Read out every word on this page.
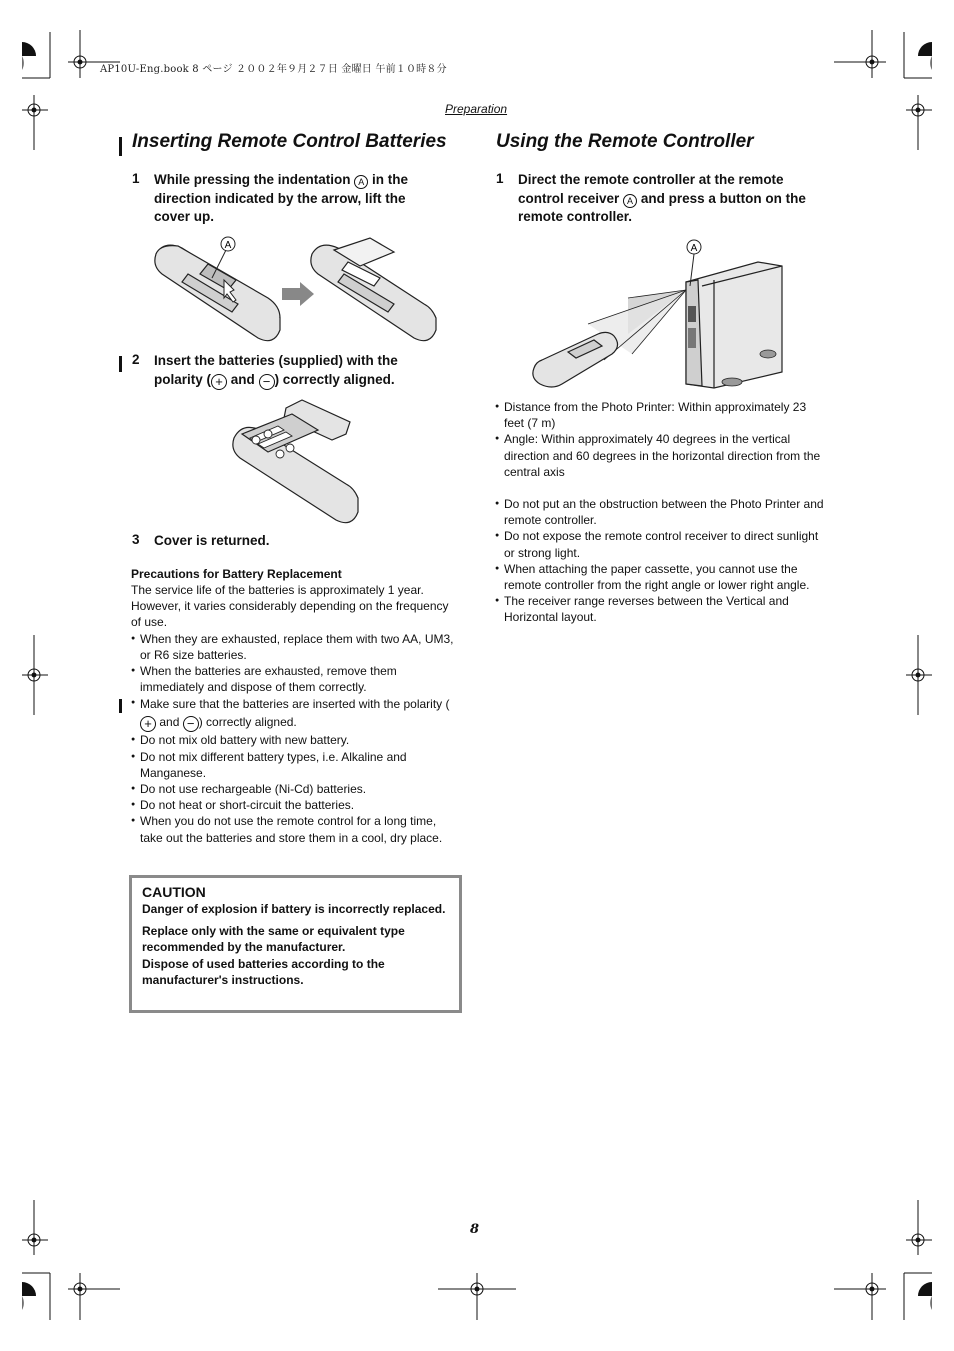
AP10U-Eng.book 8 ページ ２００２年９月２７日 金曜日 午前１０時８分
Preparation
Inserting Remote Control Batteries
1 While pressing the indentation A in the direction indicated by the arrow, lift the cover up.
A
2 Insert the batteries (supplied) with the polarity ( + and − ) correctly aligned.
3 Cover is returned.
Precautions for Battery Replacement
The service life of the batteries is approximately 1 year. However, it varies considerably depending on the frequency of use.
● When they are exhausted, replace them with two AA, UM3, or R6 size batteries.
● When the batteries are exhausted, remove them immediately and dispose of them correctly.
● Make sure that the batteries are inserted with the polarity (+ and − ) correctly aligned.
● Do not mix old battery with new battery.
● Do not mix different battery types, i.e. Alkaline and Manganese.
● Do not use rechargeable (Ni-Cd) batteries.
● Do not heat or short-circuit the batteries.
● When you do not use the remote control for a long time, take out the batteries and store them in a cool, dry place.
CAUTION

Danger of explosion if battery is incorrectly replaced.

Replace only with the same or equivalent type recommended by the manufacturer.

Dispose of used batteries according to the manufacturer's instructions.

Using the Remote Controller
1 Direct the remote controller at the remote control receiver A and press a button on the remote controller.
A
● Distance from the Photo Printer: Within approximately 23 feet (7 m)
● Angle: Within approximately 40 degrees in the vertical direction and 60 degrees in the horizontal direction from the central axis
● Do not put an the obstruction between the Photo Printer and remote controller.
● Do not expose the remote control receiver to direct sunlight or strong light.
● When attaching the paper cassette, you cannot use the remote controller from the right angle or lower right angle.
● The receiver range reverses between the Vertical and Horizontal layout.
8
